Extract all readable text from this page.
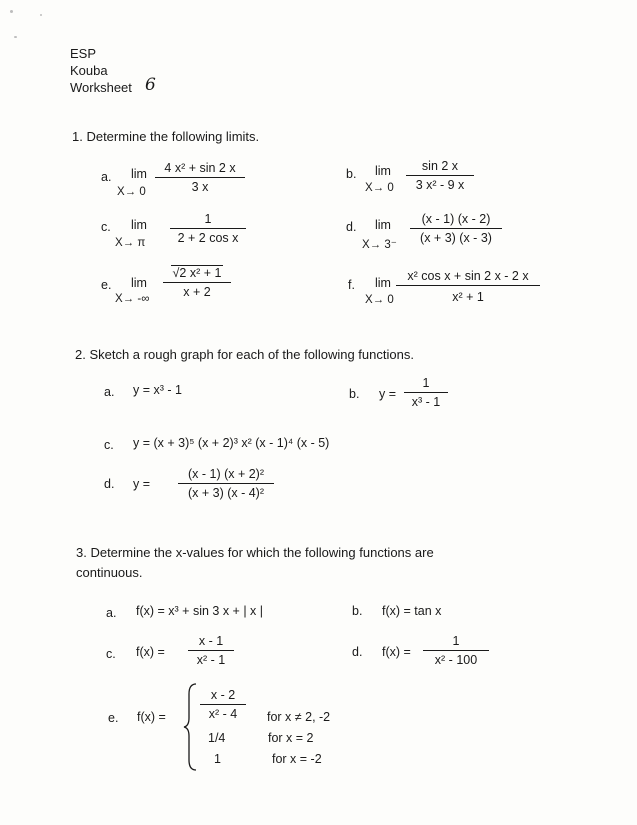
ESP
Kouba
Worksheet 6
1. Determine the following limits.
a. lim
$X\to 0 \frac{\text{4 x² + sin 2 x}}{3 x}$	b. lim
$X\to 0 \frac{\sin 2 x}{\text{3 x² - 9 x}}$
c. lim
X→ π $\frac{1}{\text{2 + 2 cos x}}$	d. lim
$X\to 3^- \frac{(x - 1) (x - 2)}{(x + 3) (x - 3)}$
e. lim
X→ -∞ $\frac{\text{√2 x² + 1}}{x + 2}$	f. lim
$X\to 0 \frac{\text{x² cos x + sin 2 x - 2 x}}{\text{x² + 1}}$
2. Sketch a rough graph for each of the following functions.
a. y = x³ - 1	b. $y = \frac{1}{\text{x³ - 1}}$
c. y = (x + 3)⁵ (x + 2)³ x² (x - 1)⁴ (x - 5)
d. $y = \frac{\text{(x - 1) (x + 2)²}}{\text{(x + 3) (x - 4)²}}$
3. Determine the x-values for which the following functions are
continuous.
a. f(x) = x³ + sin 3 x + | x |	b. f(x) = tan x
c. $f(x) = \frac{x - 1}{\text{x² - 1}}$	d. $f(x) = \frac{1}{\text{x² - 100}}$
e. f(x) =	$\frac{x - 2}{\text{x² - 4}}$ for x ≠ 2, -2
1/4	for x = 2
1	for x = -2
